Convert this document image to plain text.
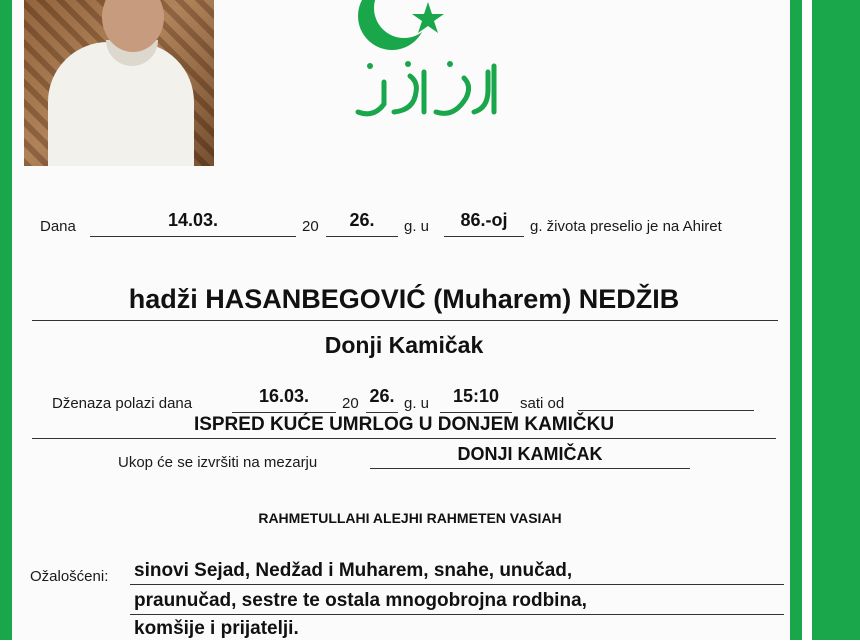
Dana	14.03.	20	26.	g. u	86.-oj	g. života preselio je na Ahiret
hadži HASANBEGOVIĆ (Muharem) NEDŽIB
Donji Kamičak
Dženaza polazi dana	16.03.	20 26. g. u	15:10	sati od
ISPRED KUĆE UMRLOG U DONJEM KAMIČKU
Ukop će se izvršiti na mezarju	DONJI KAMIČAK
RAHMETULLAHI ALEJHI RAHMETEN VASIAH
Ožalošćeni: sinovi Sejad, Nedžad i Muharem, snahe, unučad,
praunučad, sestre te ostala mnogobrojna rodbina,
komšije i prijatelji.
